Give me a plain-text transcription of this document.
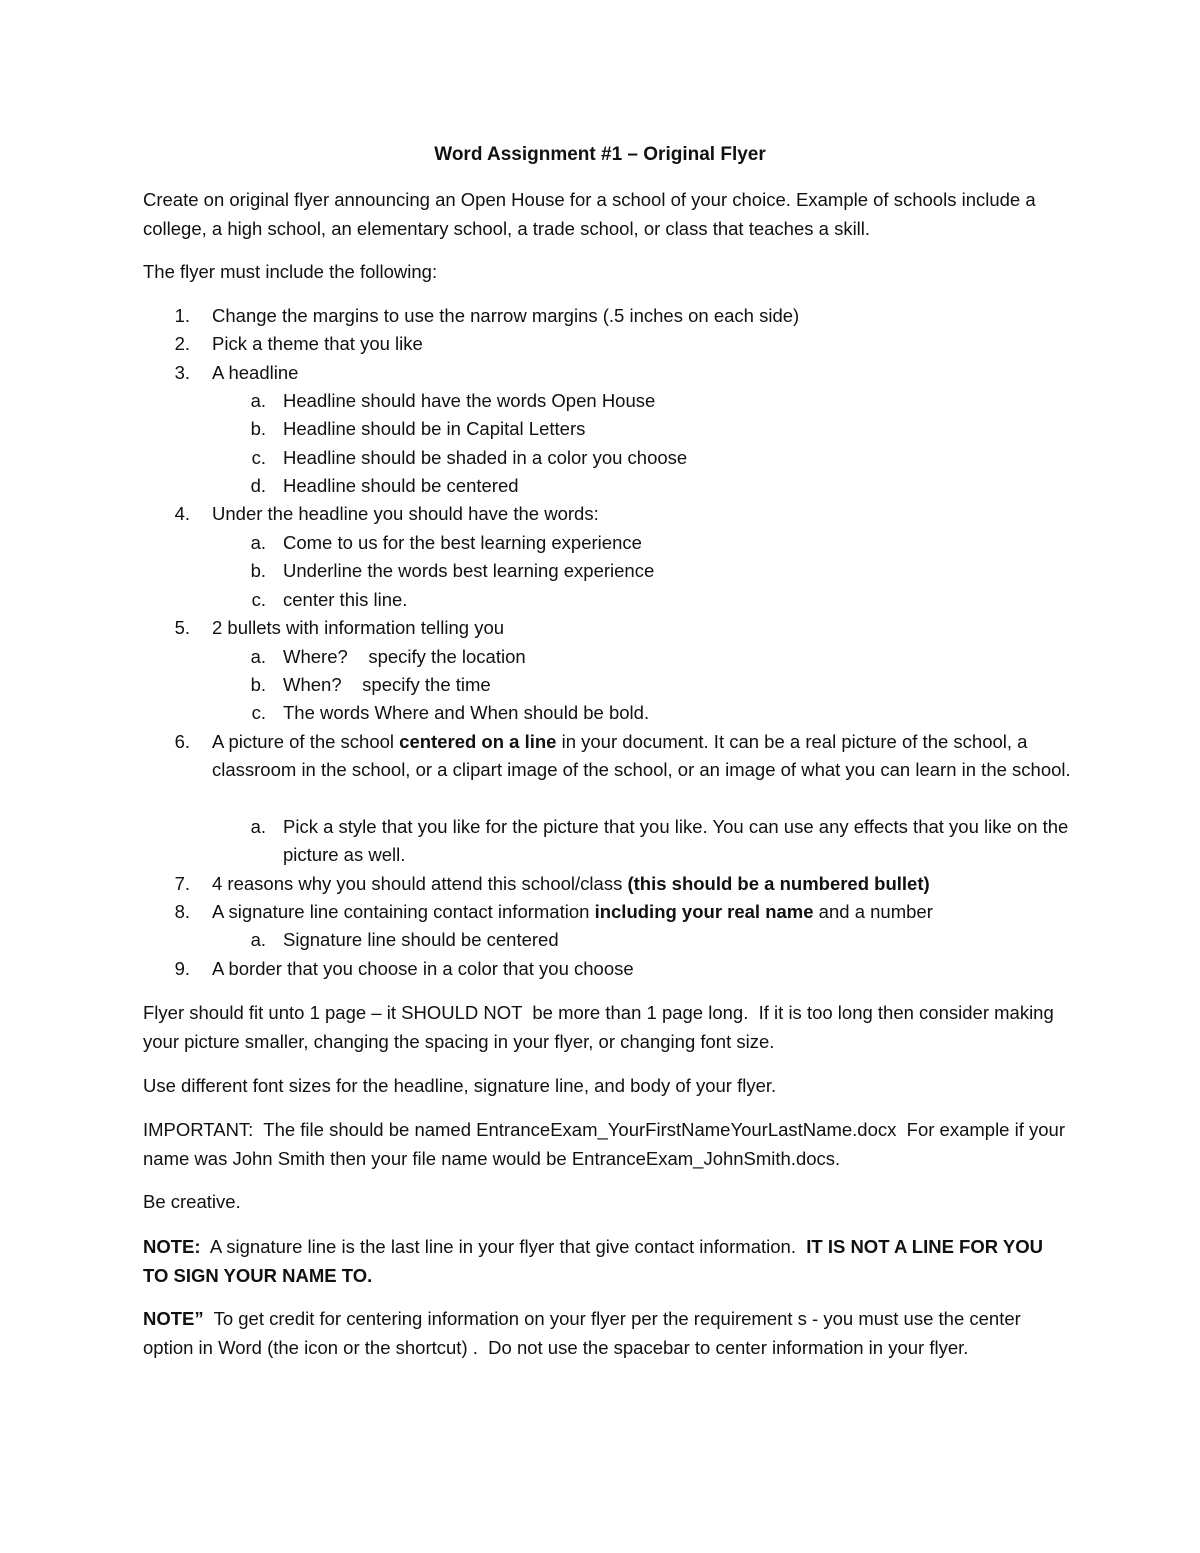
Word Assignment #1 – Original Flyer

Create on original flyer announcing an Open House for a school of your choice. Example of schools include a college, a high school, an elementary school, a trade school, or class that teaches a skill.

The flyer must include the following:

1. Change the margins to use the narrow margins (.5 inches on each side)
2. Pick a theme that you like
3. A headline
a. Headline should have the words Open House
b. Headline should be in Capital Letters
c. Headline should be shaded in a color you choose
d. Headline should be centered
4. Under the headline you should have the words:
a. Come to us for the best learning experience
b. Underline the words best learning experience
c. center this line.
5. 2 bullets with information telling you
a. Where?    specify the location
b. When?    specify the time
c. The words Where and When should be bold.
6. A picture of the school centered on a line in your document. It can be a real picture of the school, a classroom in the school, or a clipart image of the school, or an image of what you can learn in the school.
a. Pick a style that you like for the picture that you like. You can use any effects that you like on the picture as well.
7. 4 reasons why you should attend this school/class (this should be a numbered bullet)
8. A signature line containing contact information including your real name and a number
a. Signature line should be centered
9. A border that you choose in a color that you choose

Flyer should fit unto 1 page – it SHOULD NOT  be more than 1 page long.  If it is too long then consider making your picture smaller, changing the spacing in your flyer, or changing font size.

Use different font sizes for the headline, signature line, and body of your flyer.

IMPORTANT:  The file should be named EntranceExam_YourFirstNameYourLastName.docx  For example if your name was John Smith then your file name would be EntranceExam_JohnSmith.docs.

Be creative.

NOTE:  A signature line is the last line in your flyer that give contact information.  IT IS NOT A LINE FOR YOU TO SIGN YOUR NAME TO.

NOTE”  To get credit for centering information on your flyer per the requirement s - you must use the center option in Word (the icon or the shortcut) .  Do not use the spacebar to center information in your flyer.
